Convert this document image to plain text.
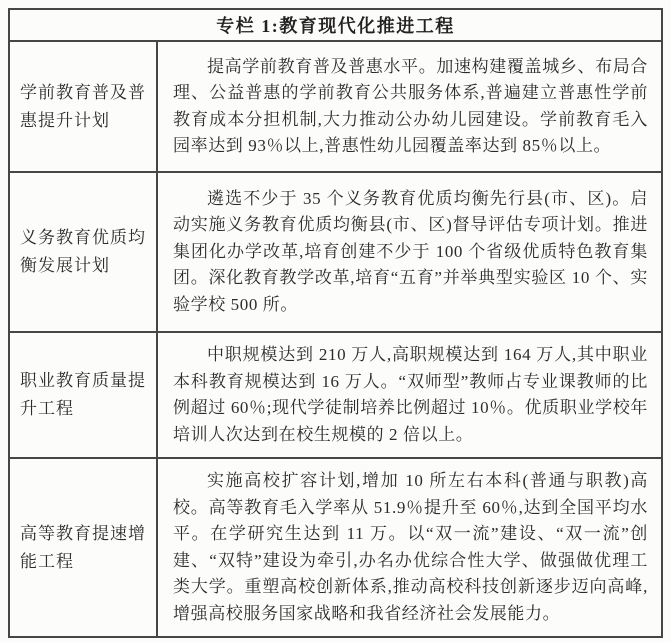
专栏 1:教育现代化推进工程	
学前教育普及普惠提升计划	提高学前教育普及普惠水平。加速构建覆盖城乡、布局合理、公益普惠的学前教育公共服务体系,普遍建立普惠性学前教育成本分担机制,大力推动公办幼儿园建设。学前教育毛入园率达到 93％以上,普惠性幼儿园覆盖率达到 85％以上。
义务教育优质均衡发展计划	遴选不少于 35 个义务教育优质均衡先行县(市、区)。启动实施义务教育优质均衡县(市、区)督导评估专项计划。推进集团化办学改革,培育创建不少于 100 个省级优质特色教育集团。深化教育教学改革,培育“五育”并举典型实验区 10 个、实验学校 500 所。
职业教育质量提升工程	中职规模达到 210 万人,高职规模达到 164 万人,其中职业本科教育规模达到 16 万人。“双师型”教师占专业课教师的比例超过 60％;现代学徒制培养比例超过 10％。优质职业学校年培训人次达到在校生规模的 2 倍以上。
高等教育提速增能工程	实施高校扩容计划,增加 10 所左右本科(普通与职教)高校。高等教育毛入学率从 51.9％提升至 60％,达到全国平均水平。在学研究生达到 11 万。以“双一流”建设、“双一流”创建、“双特”建设为牵引,办名办优综合性大学、做强做优理工类大学。重塑高校创新体系,推动高校科技创新逐步迈向高峰,增强高校服务国家战略和我省经济社会发展能力。
